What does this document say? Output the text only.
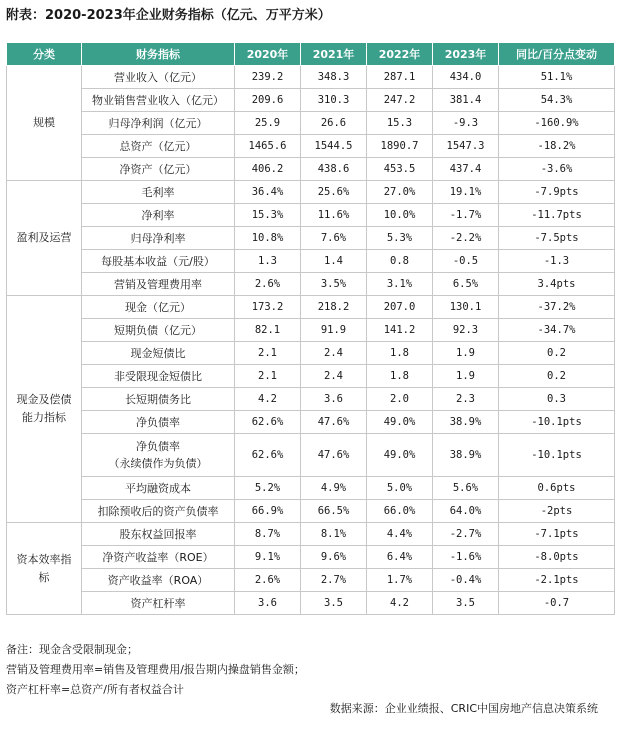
附表：2020-2023年企业财务指标（亿元、万平方米）
分类	财务指标	2020年	2021年	2022年	2023年	同比/百分点变动
规模	营业收入（亿元）	239.2	348.3	287.1	434.0	51.1%
	物业销售营业收入（亿元）	209.6	310.3	247.2	381.4	54.3%
	归母净利润（亿元）	25.9	26.6	15.3	-9.3	-160.9%
	总资产（亿元）	1465.6	1544.5	1890.7	1547.3	-18.2%
	净资产（亿元）	406.2	438.6	453.5	437.4	-3.6%
盈利及运营	毛利率	36.4%	25.6%	27.0%	19.1%	-7.9pts
	净利率	15.3%	11.6%	10.0%	-1.7%	-11.7pts
	归母净利率	10.8%	7.6%	5.3%	-2.2%	-7.5pts
	每股基本收益（元/股）	1.3	1.4	0.8	-0.5	-1.3
	营销及管理费用率	2.6%	3.5%	3.1%	6.5%	3.4pts

现金及偿债
能力指标	现金（亿元）	173.2	218.2	207.0	130.1	-37.2%
	短期负债（亿元）	82.1	91.9	141.2	92.3	-34.7%
	现金短债比	2.1	2.4	1.8	1.9	0.2
	非受限现金短债比	2.1	2.4	1.8	1.9	0.2
	长短期债务比	4.2	3.6	2.0	2.3	0.3
	净负债率	62.6%	47.6%	49.0%	38.9%	-10.1pts

	净负债率
（永续债作为负债）	62.6%	47.6%	49.0%	38.9%	-10.1pts
	平均融资成本	5.2%	4.9%	5.0%	5.6%	0.6pts
	扣除预收后的资产负债率	66.9%	66.5%	66.0%	64.0%	-2pts

资本效率指
标	股东权益回报率	8.7%	8.1%	4.4%	-2.7%	-7.1pts
	净资产收益率（ROE）	9.1%	9.6%	6.4%	-1.6%	-8.0pts
	资产收益率（ROA）	2.6%	2.7%	1.7%	-0.4%	-2.1pts
	资产杠杆率	3.6	3.5	4.2	3.5	-0.7
备注：现金含受限制现金；
营销及管理费用率=销售及管理费用/报告期内操盘销售金额；
资产杠杆率=总资产/所有者权益合计
数据来源：企业业绩报、CRIC中国房地产信息决策系统
